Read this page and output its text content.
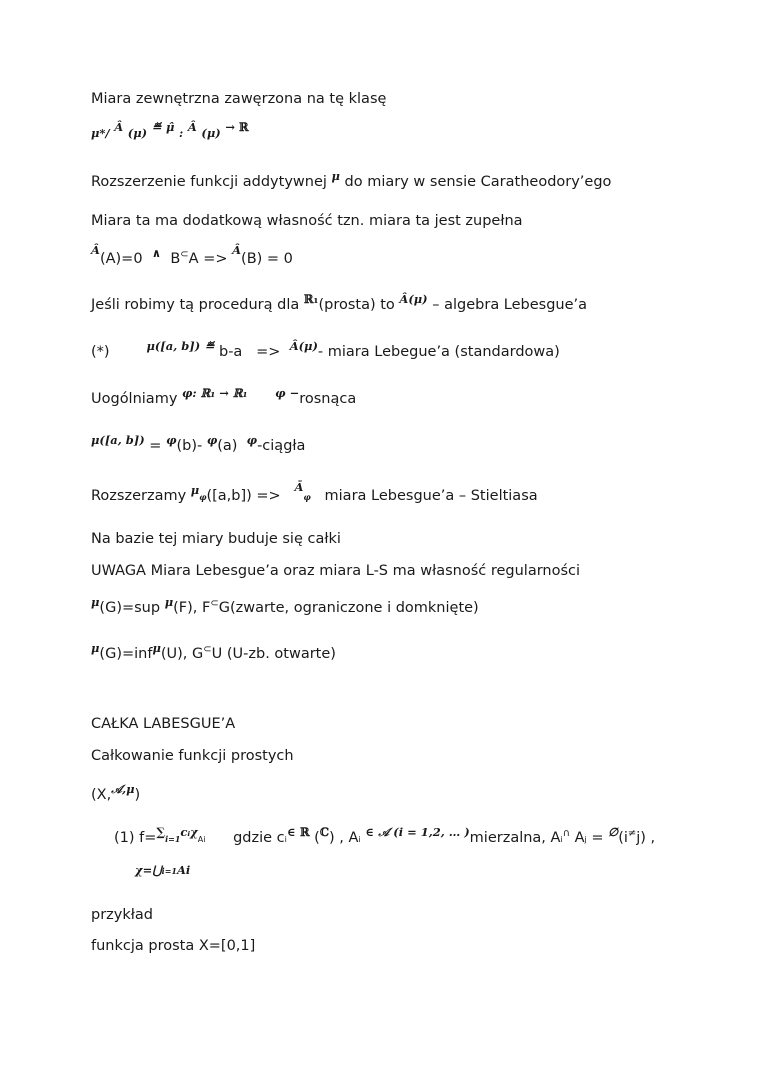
Miara zewnętrzna zawęrzona na tę klasę
μ*/ $^Â$ (μ) ≝ $^{\mû}$ : $^Â$ (μ) $^{\to ℝ}$
Rozszerzenie funkcji addytywnej $^\mu$ do miary w sensie Caratheodory’ego
Miara ta ma dodatkową własność tzn. miara ta jest zupełna
$^Â$(A)=0 ∧ B⊂A => $^Â$(B) = 0
Jeśli robimy tą procedurą dla $^{ℝ_1}$(prosta) to $^{Â(\mu)}$ – algebra Lebesgue’a
(*)	$^{\mu([a, b])}$ ≝ b-a => $^{Â(\mu)}$- miara Lebegue’a (standardowa)
Uogólniamy $^{\varphi: ℝ_1 \to ℝ_1}$ $^{\varphi -}$rosnąca
$^{\mu([a, b])}$ = $^\varphi$(b)- $^\varphi$(a) $^\varphi$-ciągła
Rozszerzamy $^\mu$φ([a,b]) =>   $^Ā$φ miara Lebesgue’a – Stieltiasa
Na bazie tej miary buduje się całki
UWAGA Miara Lebesgue’a oraz miara L-S ma własność regularności
$^\mu$(G)=sup $^\mu$(F), F⊂G(zwarte, ograniczone i domknięte)
$^\mu$(G)=inf$^\mu$(U), G⊂U (U-zb. otwarte)
CAŁKA LABESGUE’A
Całkowanie funkcji prostych
(X,$^{𝒜,\mu}$)
(1) $f=^\sum i=1^{cᵢ\chi}Ai$ gdzie ci∈ $^ℝ$ ($^ℂ$) , Ai ∈ $^{𝒜 (i = 1,2, \dots )}$mierzalna, Ai∩ Aj = ∅(i≠j) ,
χ=⋃i=1Ai
przykład
funkcja prosta X=[0,1]
